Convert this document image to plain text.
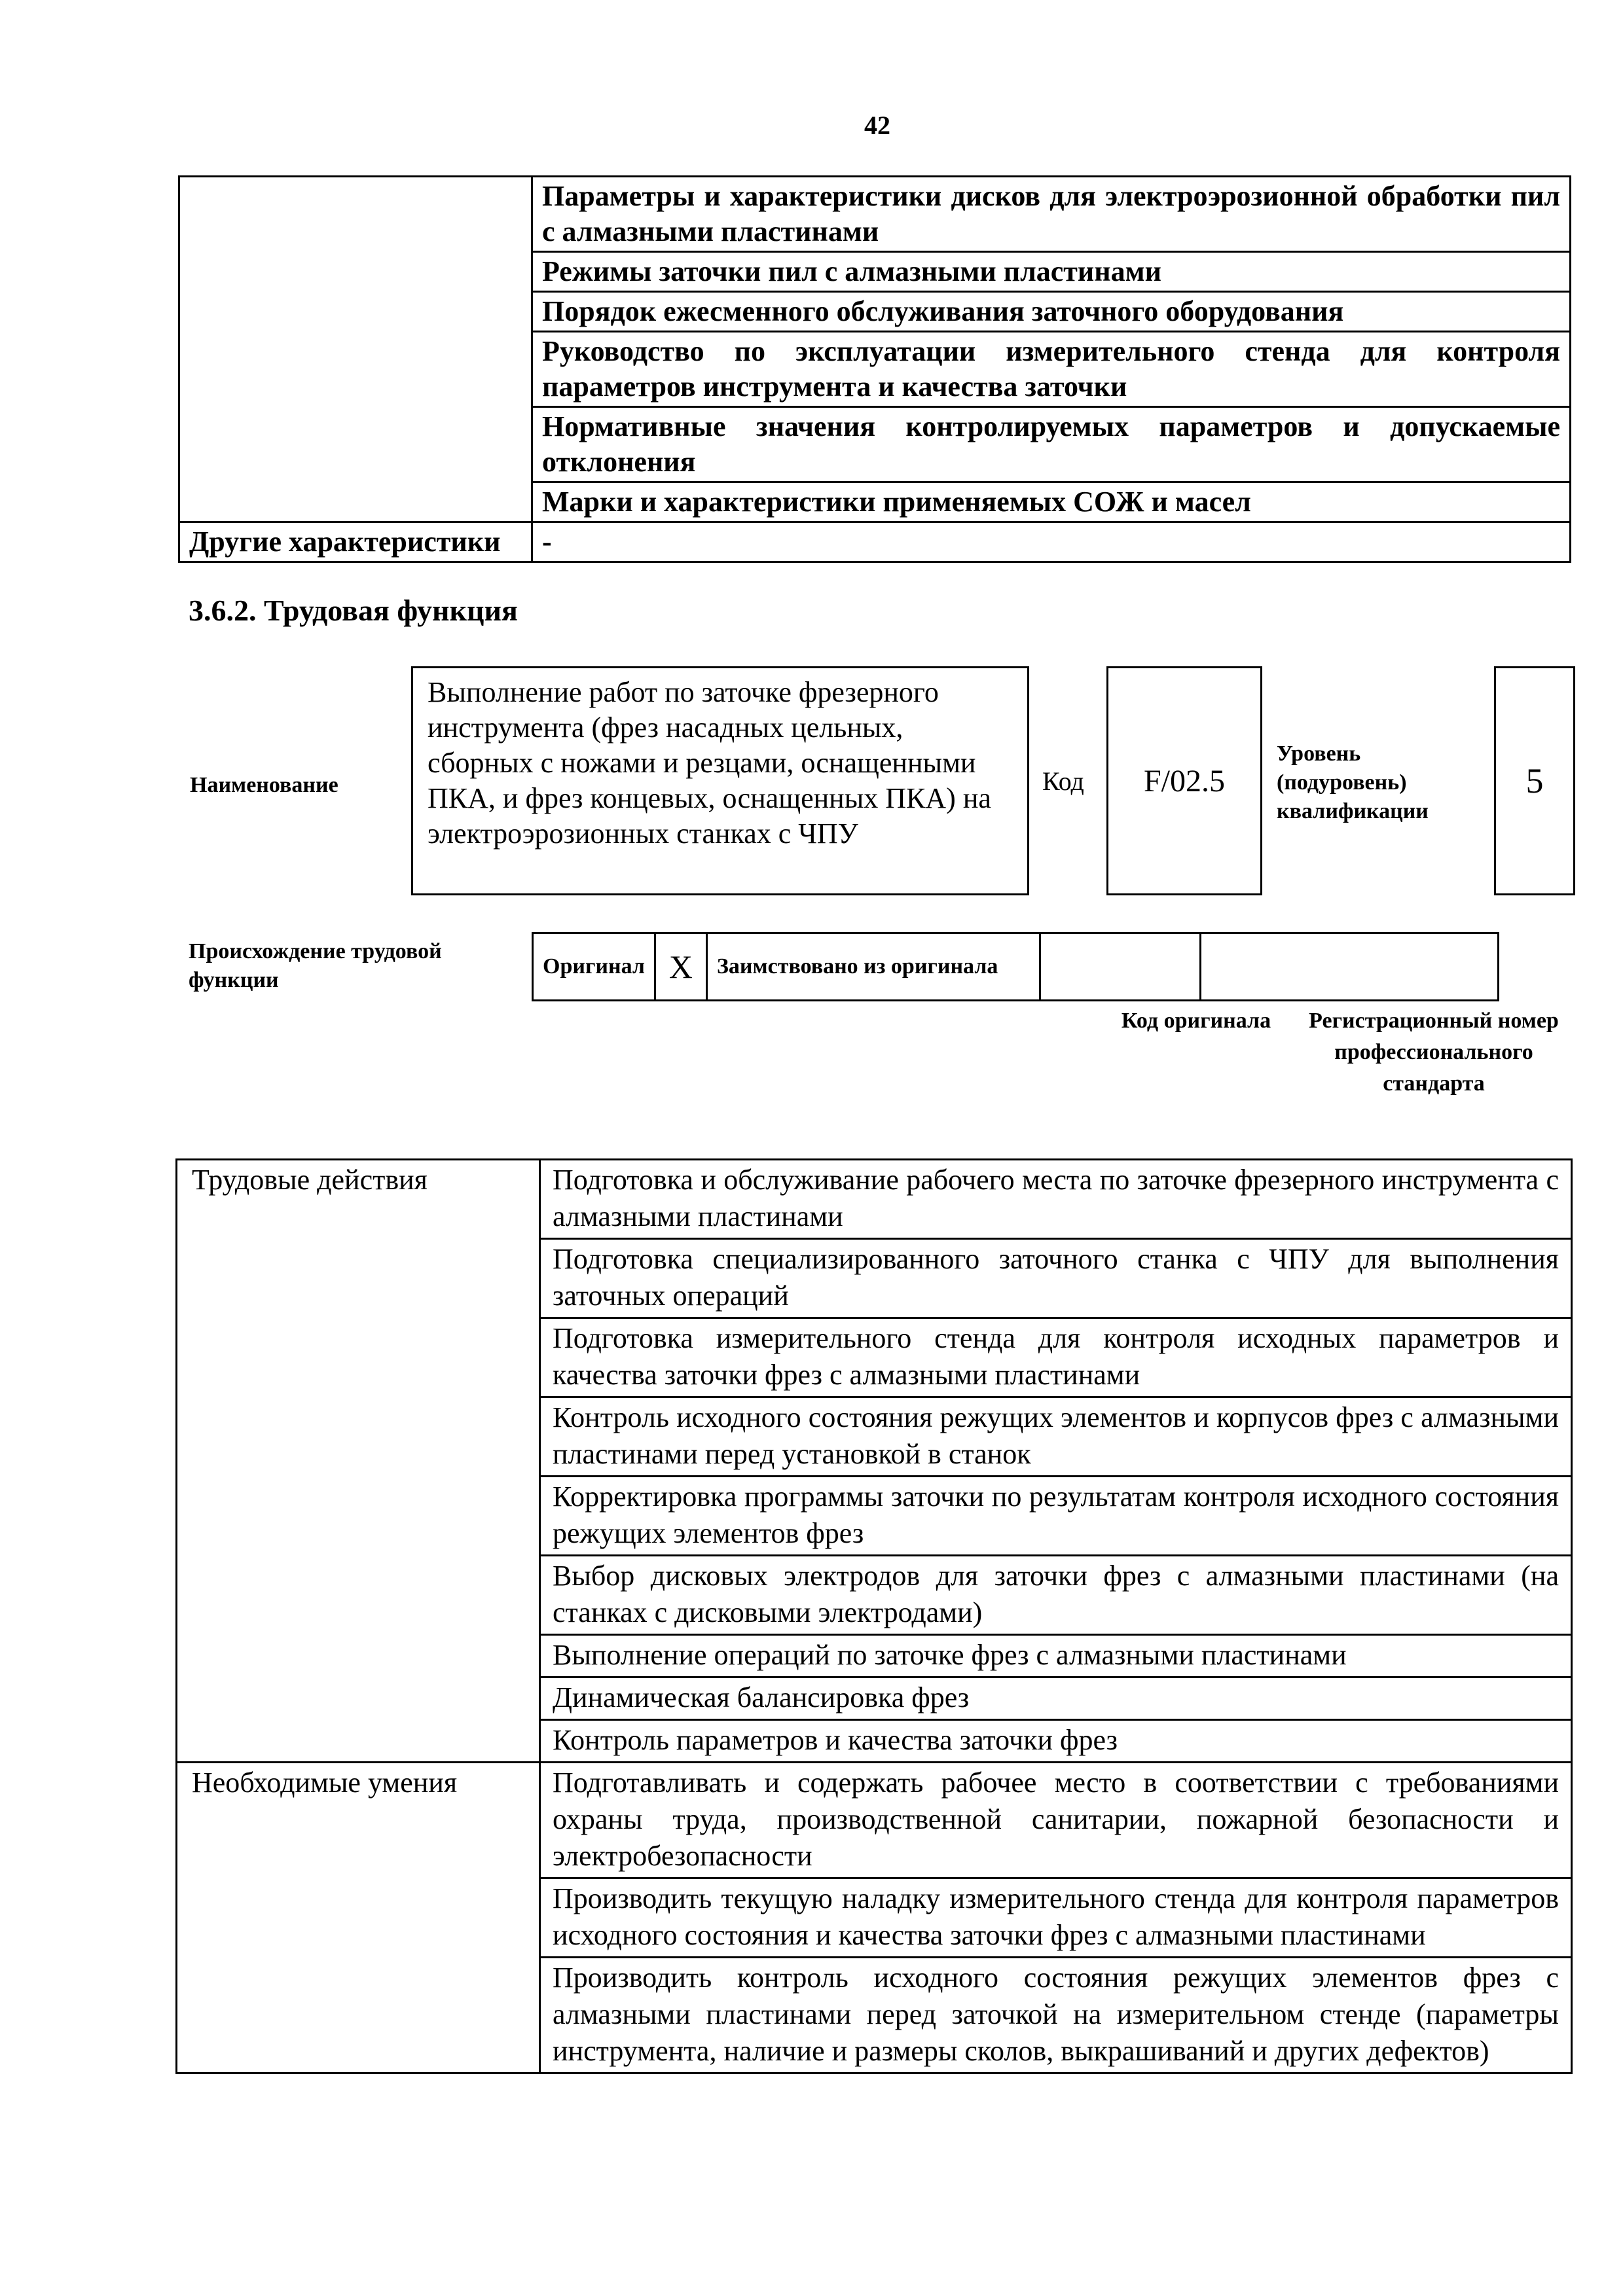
42
	Параметры и характеристики дисков для электроэрозионной обработки пил с алмазными пластинами
	Режимы заточки пил с алмазными пластинами
	Порядок ежесменного обслуживания заточного оборудования
	Руководство по эксплуатации измерительного стенда для контроля параметров инструмента и качества заточки
	Нормативные значения контролируемых параметров и допускаемые отклонения
	Марки и характеристики применяемых СОЖ и масел
Другие характеристики	-
3.6.2. Трудовая функция
Наименование
Выполнение работ по заточке фрезерного инструмента (фрез насадных цельных, сборных с ножами и резцами, оснащенными ПКА, и фрез концевых, оснащенных ПКА) на электроэрозионных станках с ЧПУ
Код F/02.5
Уровень (подуровень) квалификации
5
Происхождение трудовой функции
Оригинал	X	Заимствовано из оригинала		
Код оригинала Регистрационный номер профессионального стандарта
Трудовые действия	Подготовка и обслуживание рабочего места по заточке фрезерного инструмента с алмазными пластинами
	Подготовка специализированного заточного станка с ЧПУ для выполнения заточных операций
	Подготовка измерительного стенда для контроля исходных параметров и качества заточки фрез с алмазными пластинами
	Контроль исходного состояния режущих элементов и корпусов фрез с алмазными пластинами перед установкой в станок
	Корректировка программы заточки по результатам контроля исходного состояния режущих элементов фрез
	Выбор дисковых электродов для заточки фрез с алмазными пластинами (на станках с дисковыми электродами)
	Выполнение операций по заточке фрез с алмазными пластинами
	Динамическая балансировка фрез
	Контроль параметров и качества заточки фрез
Необходимые умения	Подготавливать и содержать рабочее место в соответствии с требованиями охраны труда, производственной санитарии, пожарной безопасности и электробезопасности
	Производить текущую наладку измерительного стенда для контроля параметров исходного состояния и качества заточки фрез с алмазными пластинами
	Производить контроль исходного состояния режущих элементов фрез с алмазными пластинами перед заточкой на измерительном стенде (параметры инструмента, наличие и размеры сколов, выкрашиваний и других дефектов)
